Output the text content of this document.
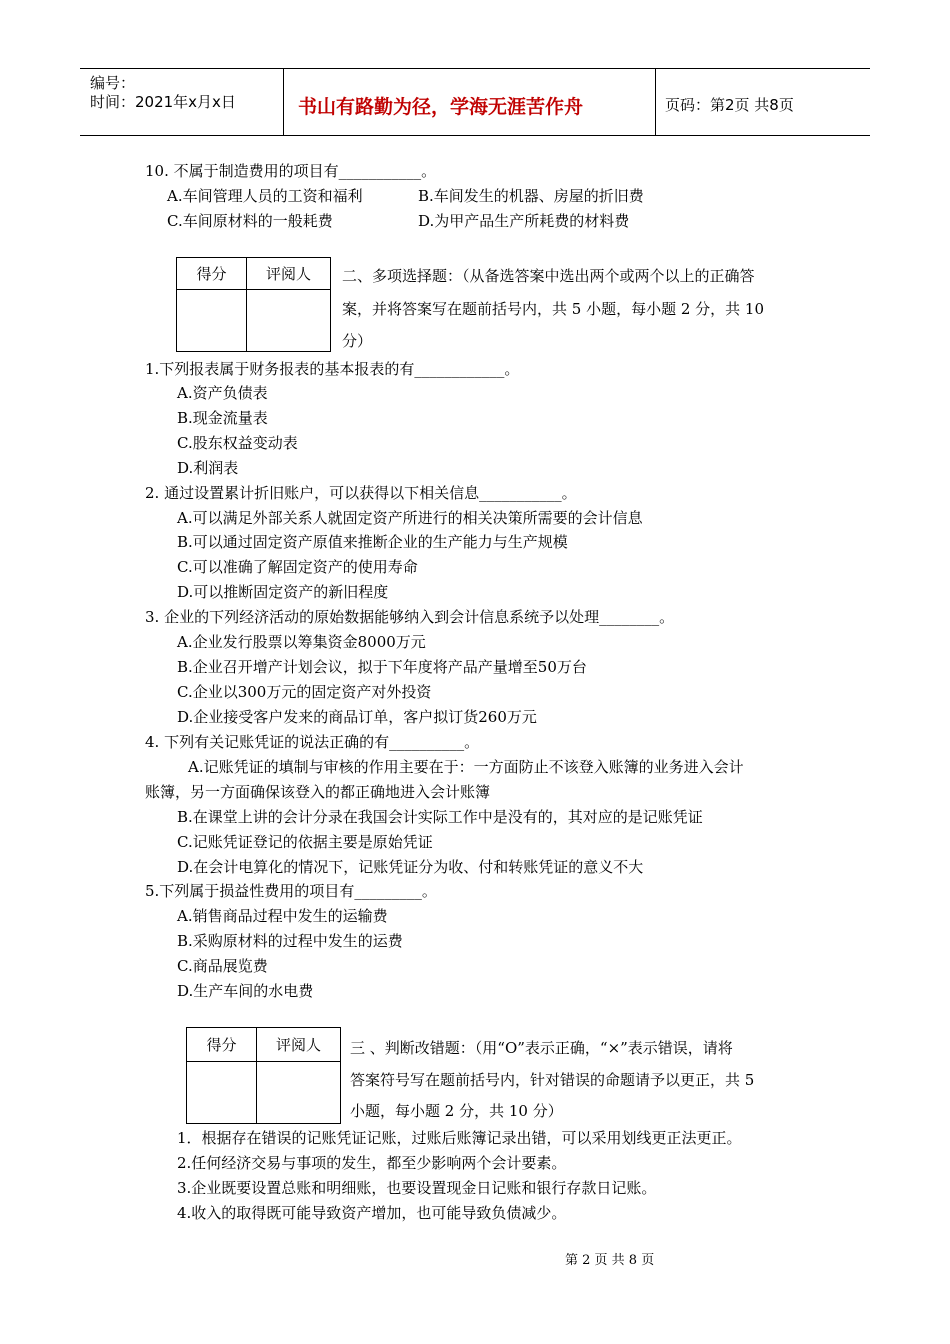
编号：
时间：2021年x月x日	书山有路勤为径，学海无涯苦作舟	页码：第2页 共8页
10. 不属于制造费用的项目有___________。
A.车间管理人员的工资和福利	B.车间发生的机器、房屋的折旧费
C.车间原材料的一般耗费	D.为甲产品生产所耗费的材料费
得分	评阅人
	二、多项选择题：（从备选答案中选出两个或两个以上的正确答
案，并将答案写在题前括号内，共 5 小题，每小题 2 分，共 10
分）
1.下列报表属于财务报表的基本报表的有____________。
A.资产负债表
B.现金流量表
C.股东权益变动表
D.利润表
2. 通过设置累计折旧账户，可以获得以下相关信息___________。
A.可以满足外部关系人就固定资产所进行的相关决策所需要的会计信息
B.可以通过固定资产原值来推断企业的生产能力与生产规模
C.可以准确了解固定资产的使用寿命
D.可以推断固定资产的新旧程度
3. 企业的下列经济活动的原始数据能够纳入到会计信息系统予以处理________。
A.企业发行股票以筹集资金8000万元
B.企业召开增产计划会议，拟于下年度将产品产量增至50万台
C.企业以300万元的固定资产对外投资
D.企业接受客户发来的商品订单，客户拟订货260万元
4. 下列有关记账凭证的说法正确的有__________。
A.记账凭证的填制与审核的作用主要在于：一方面防止不该登入账簿的业务进入会计
账簿，另一方面确保该登入的都正确地进入会计账簿
B.在课堂上讲的会计分录在我国会计实际工作中是没有的，其对应的是记账凭证
C.记账凭证登记的依据主要是原始凭证
D.在会计电算化的情况下，记账凭证分为收、付和转账凭证的意义不大
5.下列属于损益性费用的项目有_________。
A.销售商品过程中发生的运输费
B.采购原材料的过程中发生的运费
C.商品展览费
D.生产车间的水电费
得分	评阅人
	三 、判断改错题：（用“O”表示正确，“×”表示错误，请将
答案符号写在题前括号内，针对错误的命题请予以更正，共 5
小题，每小题 2 分，共 10 分）
1．根据存在错误的记账凭证记账，过账后账簿记录出错，可以采用划线更正法更正。
2.任何经济交易与事项的发生，都至少影响两个会计要素。
3.企业既要设置总账和明细账，也要设置现金日记账和银行存款日记账。
4.收入的取得既可能导致资产增加，也可能导致负债减少。
第 2 页 共 8 页
